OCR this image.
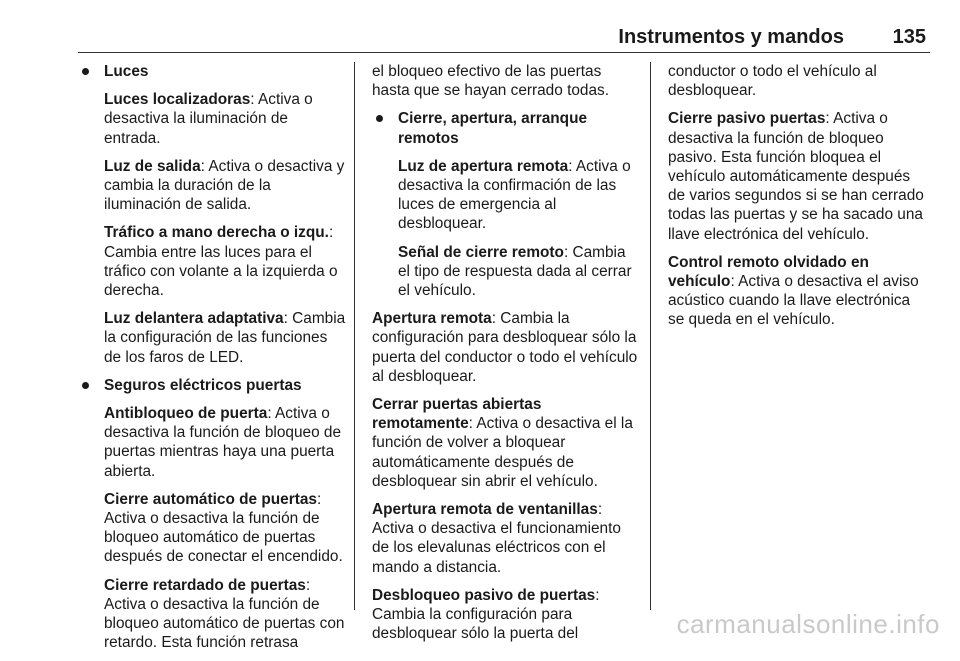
Instrumentos y mandos 135
Luces
Luces localizadoras: Activa o desactiva la iluminación de entrada.
Luz de salida: Activa o desactiva y cambia la duración de la iluminación de salida.
Tráfico a mano derecha o izqu.: Cambia entre las luces para el tráfico con volante a la izquierda o derecha.
Luz delantera adaptativa: Cambia la configuración de las funciones de los faros de LED.
Seguros eléctricos puertas
Antibloqueo de puerta: Activa o desactiva la función de bloqueo de puertas mientras haya una puerta abierta.
Cierre automático de puertas: Activa o desactiva la función de bloqueo automático de puertas después de conectar el encendido.
Cierre retardado de puertas: Activa o desactiva la función de bloqueo automático de puertas con retardo. Esta función retrasa
el bloqueo efectivo de las puertas hasta que se hayan cerrado todas.
Cierre, apertura, arranque remotos
Luz de apertura remota: Activa o desactiva la confirmación de las luces de emergencia al desbloquear.
Señal de cierre remoto: Cambia el tipo de respuesta dada al cerrar el vehículo.
Apertura remota: Cambia la configuración para desbloquear sólo la puerta del conductor o todo el vehículo al desbloquear.
Cerrar puertas abiertas remotamente: Activa o desactiva el la función de volver a bloquear automáticamente después de desbloquear sin abrir el vehículo.
Apertura remota de ventanillas: Activa o desactiva el funcionamiento de los elevalunas eléctricos con el mando a distancia.
Desbloqueo pasivo de puertas: Cambia la configuración para desbloquear sólo la puerta del
conductor o todo el vehículo al desbloquear.
Cierre pasivo puertas: Activa o desactiva la función de bloqueo pasivo. Esta función bloquea el vehículo automáticamente después de varios segundos si se han cerrado todas las puertas y se ha sacado una llave electrónica del vehículo.
Control remoto olvidado en vehículo: Activa o desactiva el aviso acústico cuando la llave electrónica se queda en el vehículo.
carmanualsonline.info
